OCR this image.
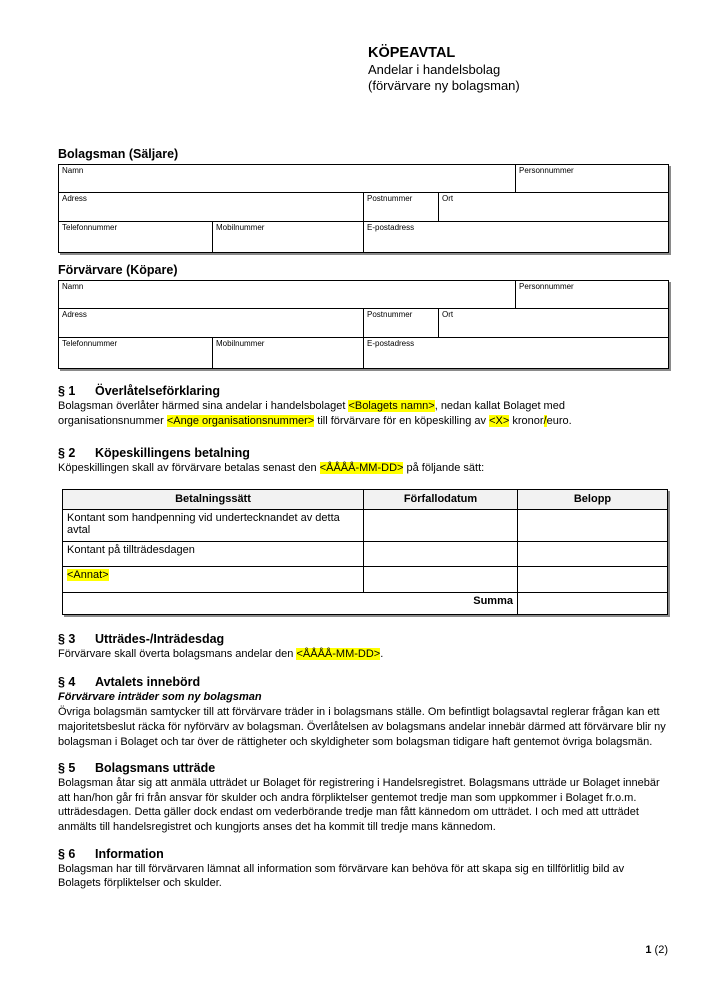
KÖPEAVTAL
Andelar i handelsbolag
(förvärvare ny bolagsman)
Bolagsman (Säljare)
Namn				Personnummer
Adress		Postnummer	Ort	
Telefonnummer	Mobilnummer	E-postadress		
Förvärvare (Köpare)
Namn				Personnummer
Adress		Postnummer	Ort	
Telefonnummer	Mobilnummer	E-postadress		
§ 1 Överlåtelseförklaring
Bolagsman överlåter härmed sina andelar i handelsbolaget <Bolagets namn>, nedan kallat Bolaget med organisationsnummer <Ange organisationsnummer> till förvärvare för en köpeskilling av <X> kronor/euro.
§ 2 Köpeskillingens betalning
Köpeskillingen skall av förvärvare betalas senast den <ÅÅÅÅ-MM-DD> på följande sätt:
Betalningssätt	Förfallodatum	Belopp
Kontant som handpenning vid undertecknandet av detta avtal		
Kontant på tillträdesdagen		
<Annat>		
Summa		
§ 3 Utträdes-/Inträdesdag
Förvärvare skall överta bolagsmans andelar den <ÅÅÅÅ-MM-DD>.
§ 4 Avtalets innebörd
Förvärvare inträder som ny bolagsman
Övriga bolagsmän samtycker till att förvärvare träder in i bolagsmans ställe. Om befintligt bolagsavtal reglerar frågan kan ett majoritetsbeslut räcka för nyförvärv av bolagsman. Överlåtelsen av bolagsmans andelar innebär därmed att förvärvare blir ny bolagsman i Bolaget och tar över de rättigheter och skyldigheter som bolagsman tidigare haft gentemot övriga bolagsmän.
§ 5 Bolagsmans utträde
Bolagsman åtar sig att anmäla utträdet ur Bolaget för registrering i Handelsregistret. Bolagsmans utträde ur Bolaget innebär att han/hon går fri från ansvar för skulder och andra förpliktelser gentemot tredje man som uppkommer i Bolaget fr.o.m. utträdesdagen. Detta gäller dock endast om vederbörande tredje man fått kännedom om utträdet. I och med att utträdet anmälts till handelsregistret och kungjorts anses det ha kommit till tredje mans kännedom.
§ 6 Information
Bolagsman har till förvärvaren lämnat all information som förvärvare kan behöva för att skapa sig en tillförlitlig bild av Bolagets förpliktelser och skulder.
1 (2)
